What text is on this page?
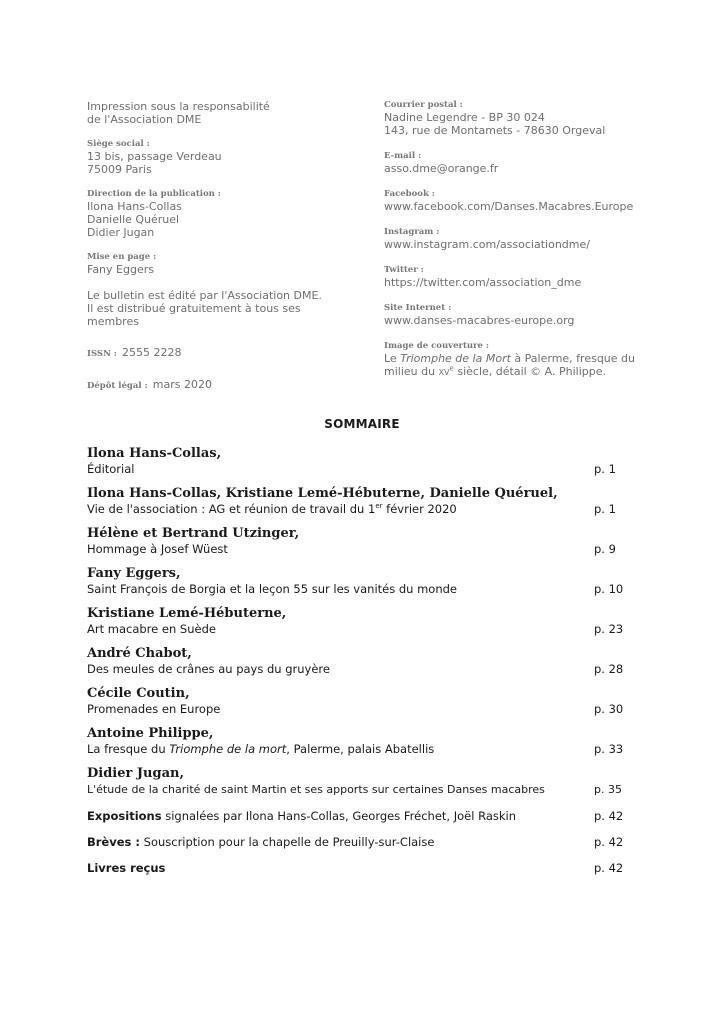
Impression sous la responsabilité
de l'Association DME
Siège social :
13 bis, passage Verdeau
75009 Paris
Direction de la publication :
Ilona Hans-Collas
Danielle Quéruel
Didier Jugan
Mise en page :
Fany Eggers
Le bulletin est édité par l'Association DME.
Il est distribué gratuitement à tous ses
membres
ISSN : 2555 2228
Dépôt légal : mars 2020
Courrier postal :
Nadine Legendre - BP 30 024
143, rue de Montamets - 78630 Orgeval
E-mail :
asso.dme@orange.fr
Facebook :
www.facebook.com/Danses.Macabres.Europe
Instagram :
www.instagram.com/associationdme/
Twitter :
https://twitter.com/association_dme
Site Internet :
www.danses-macabres-europe.org
Image de couverture :
Le Triomphe de la Mort à Palerme, fresque du
milieu du XVe siècle, détail © A. Philippe.
SOMMAIRE
Ilona Hans-Collas,
Éditorial	p. 1
Ilona Hans-Collas, Kristiane Lemé-Hébuterne, Danielle Quéruel,
Vie de l'association : AG et réunion de travail du 1er février 2020	p. 1
Hélène et Bertrand Utzinger,
Hommage à Josef Wüest	p. 9
Fany Eggers,
Saint François de Borgia et la leçon 55 sur les vanités du monde	p. 10
Kristiane Lemé-Hébuterne,
Art macabre en Suède	p. 23
André Chabot,
Des meules de crânes au pays du gruyère	p. 28
Cécile Coutin,
Promenades en Europe	p. 30
Antoine Philippe,
La fresque du Triomphe de la mort, Palerme, palais Abatellis	p. 33
Didier Jugan,
L'étude de la charité de saint Martin et ses apports sur certaines Danses macabres	p. 35
Expositions signalées par Ilona Hans-Collas, Georges Fréchet, Joël Raskin	p. 42
Brèves : Souscription pour la chapelle de Preuilly-sur-Claise	p. 42
Livres reçus	p. 42
